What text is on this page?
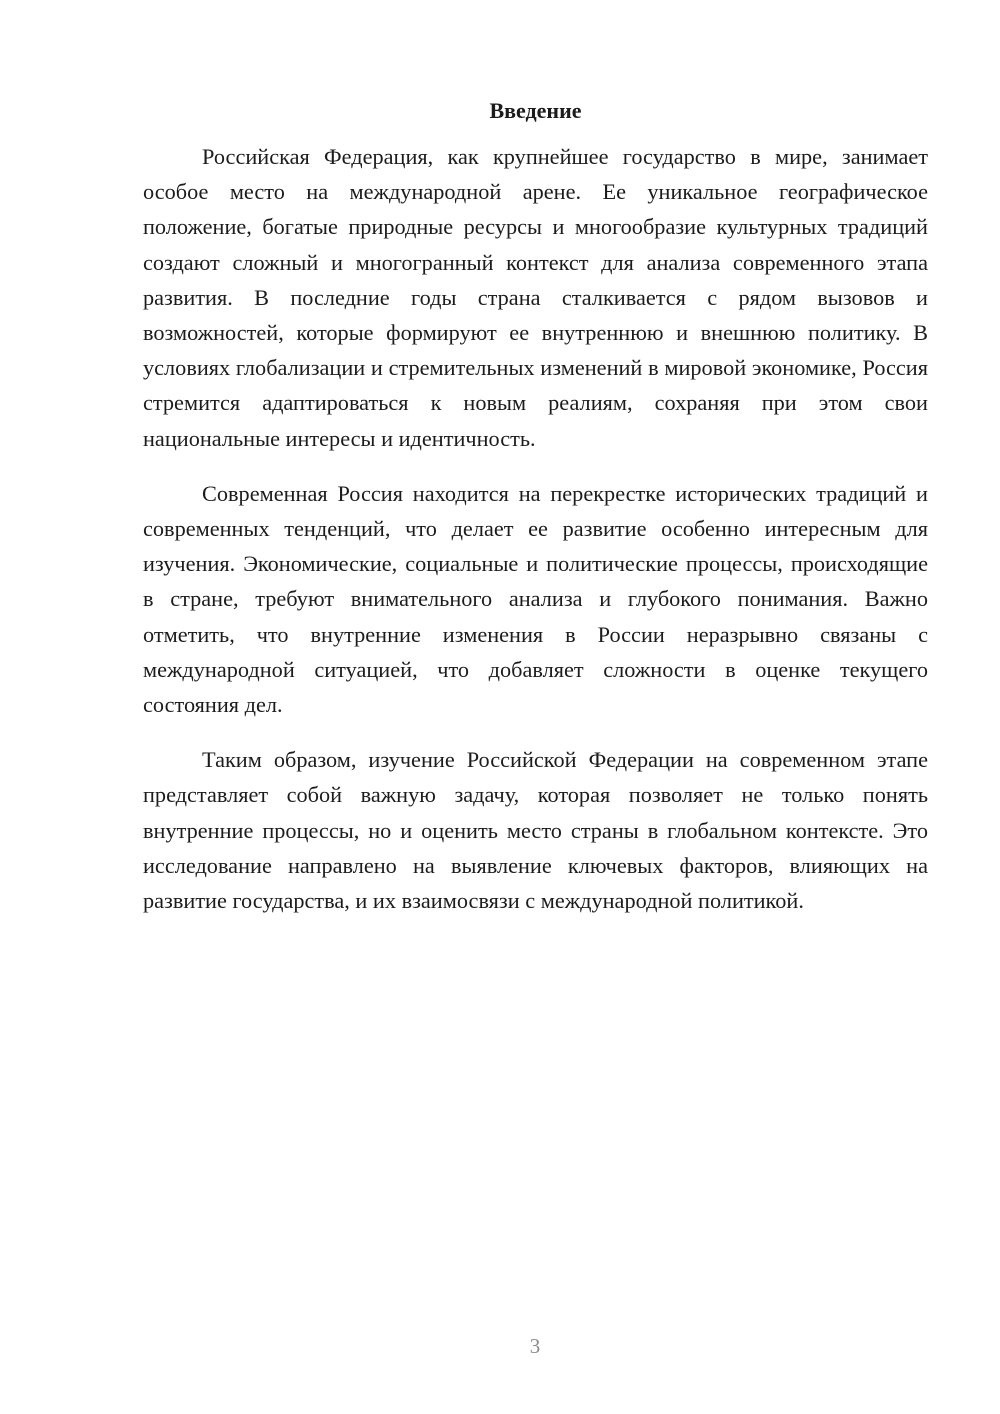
Введение

Российская Федерация, как крупнейшее государство в мире, занимает особое место на международной арене. Ее уникальное географическое положение, богатые природные ресурсы и многообразие культурных традиций создают сложный и многогранный контекст для анализа современного этапа развития. В последние годы страна сталкивается с рядом вызовов и возможностей, которые формируют ее внутреннюю и внешнюю политику. В условиях глобализации и стремительных изменений в мировой экономике, Россия стремится адаптироваться к новым реалиям, сохраняя при этом свои национальные интересы и идентичность.

Современная Россия находится на перекрестке исторических традиций и современных тенденций, что делает ее развитие особенно интересным для изучения. Экономические, социальные и политические процессы, происходящие в стране, требуют внимательного анализа и глубокого понимания. Важно отметить, что внутренние изменения в России неразрывно связаны с международной ситуацией, что добавляет сложности в оценке текущего состояния дел.

Таким образом, изучение Российской Федерации на современном этапе представляет собой важную задачу, которая позволяет не только понять внутренние процессы, но и оценить место страны в глобальном контексте. Это исследование направлено на выявление ключевых факторов, влияющих на развитие государства, и их взаимосвязи с международной политикой.

3
